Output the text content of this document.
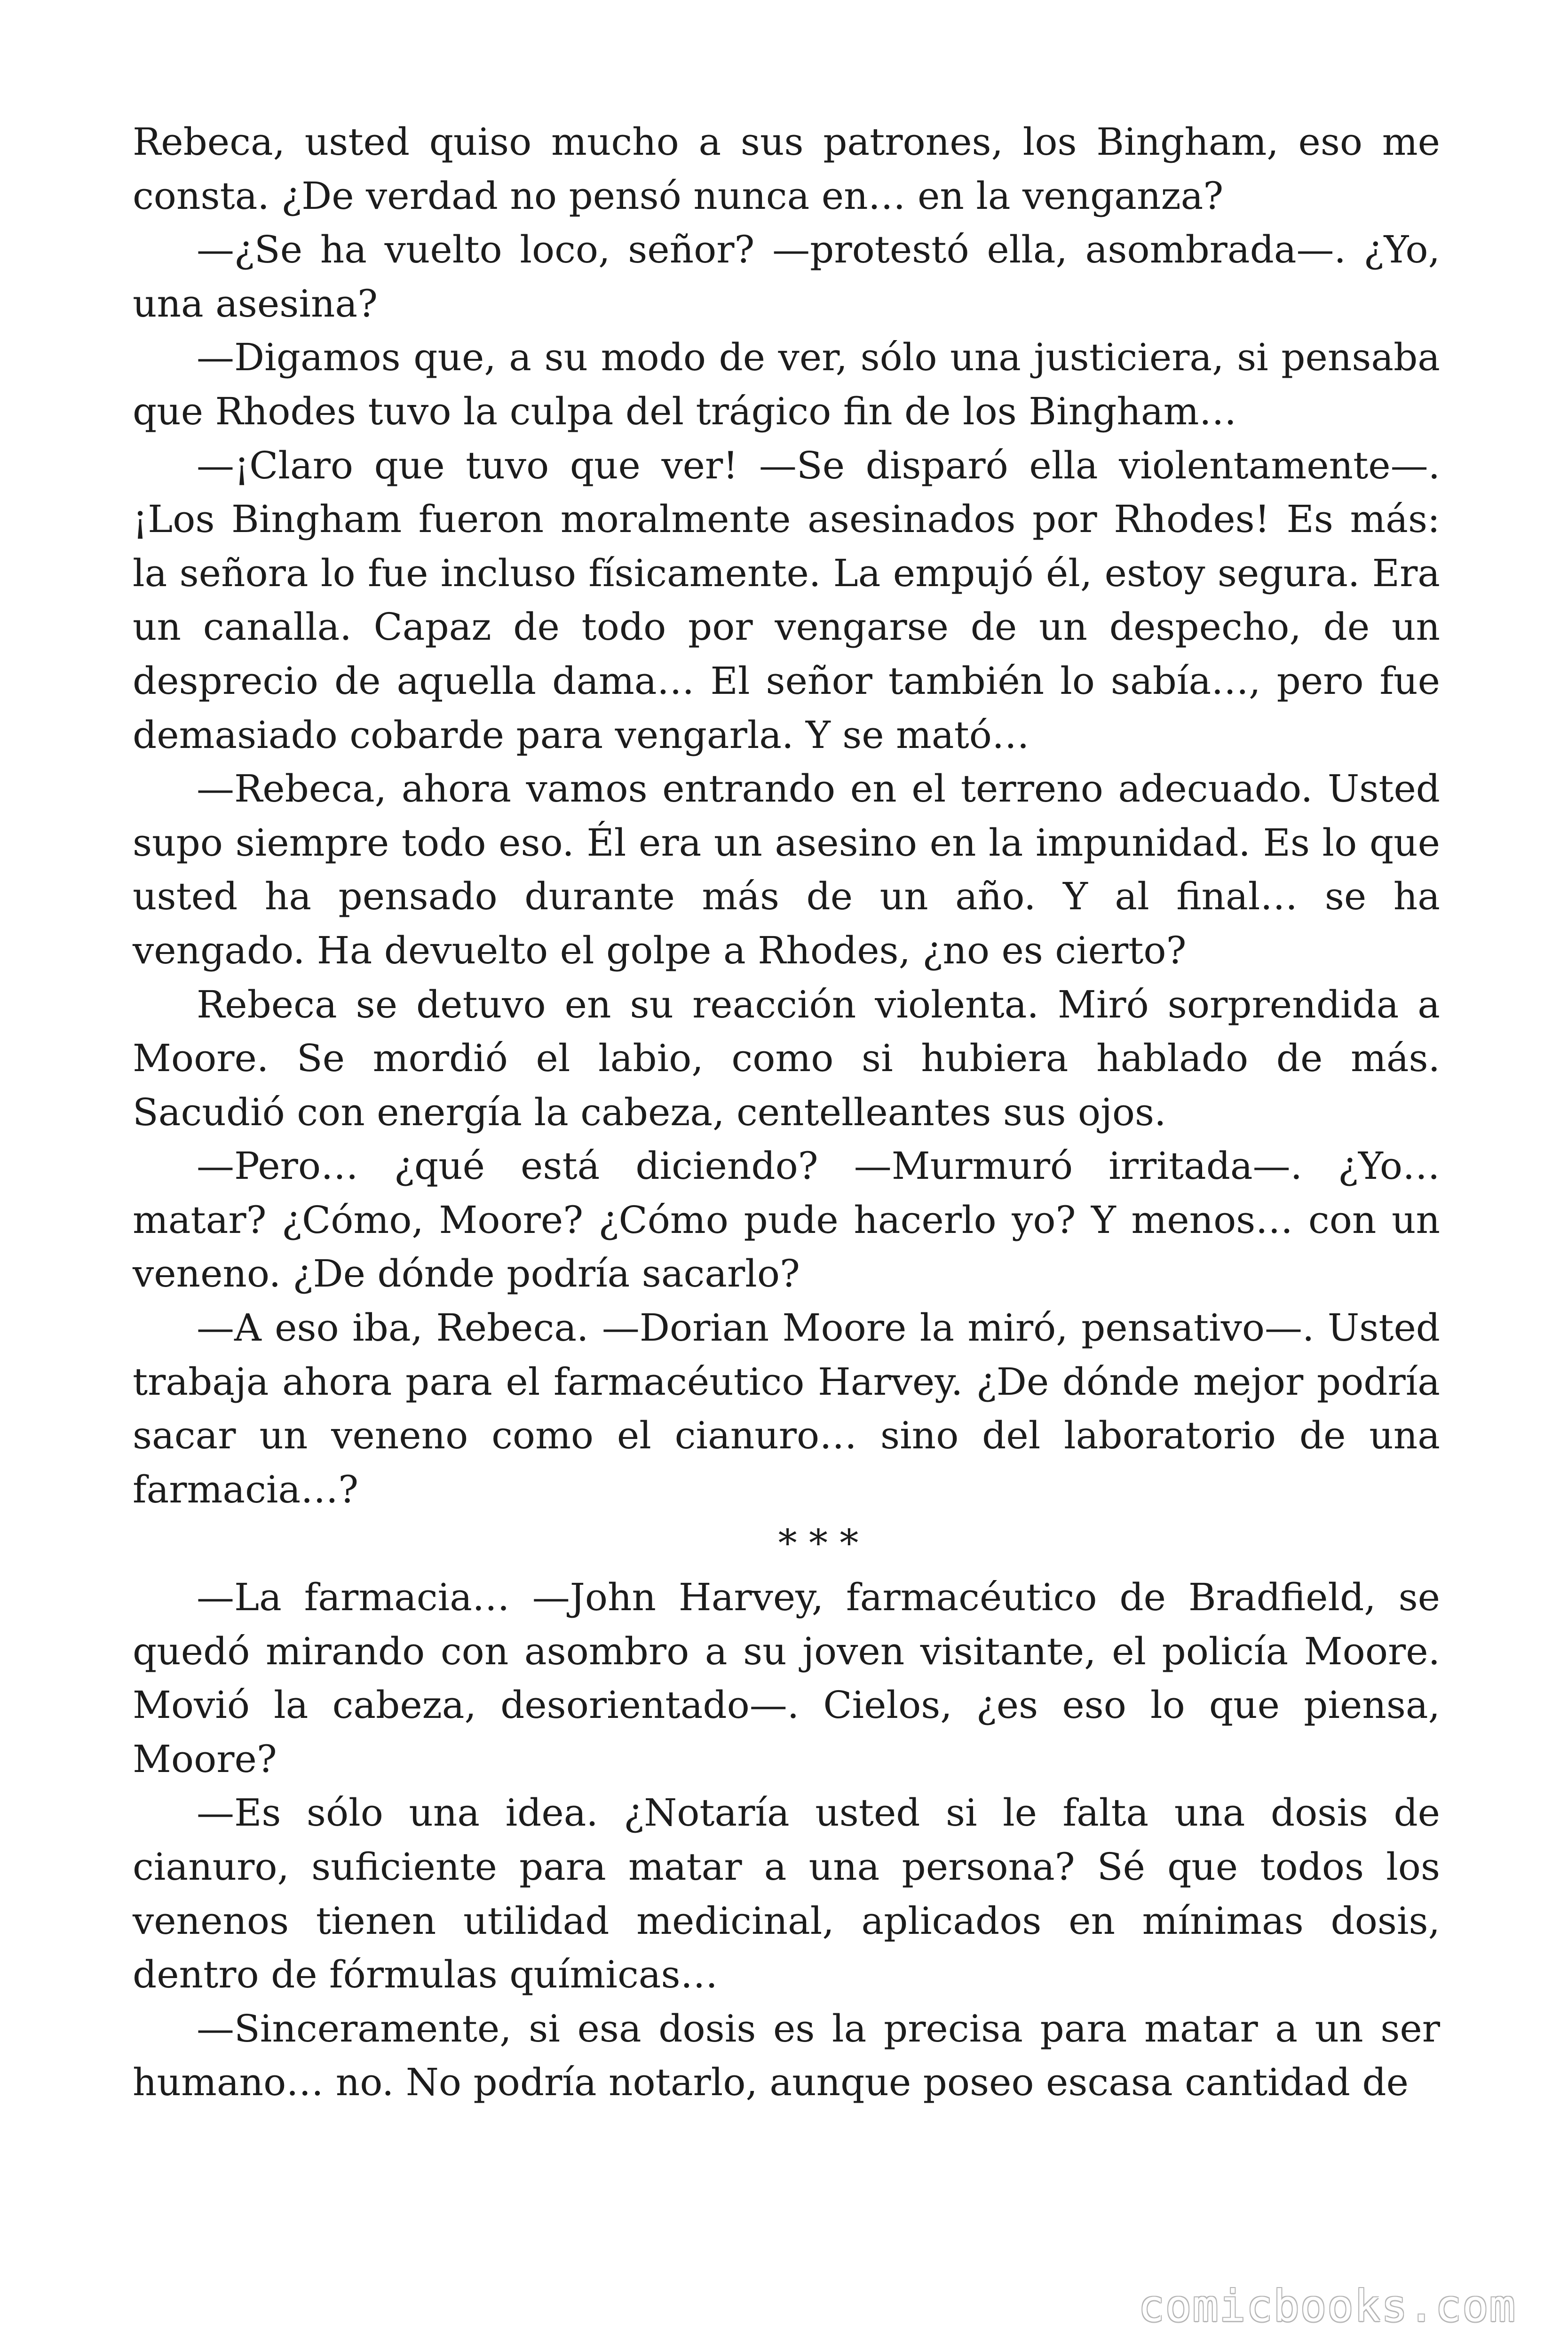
Rebeca, usted quiso mucho a sus patrones, los Bingham, eso me consta. ¿De verdad no pensó nunca en… en la venganza?

—¿Se ha vuelto loco, señor? —protestó ella, asombrada—. ¿Yo, una asesina?

—Digamos que, a su modo de ver, sólo una justiciera, si pensaba que Rhodes tuvo la culpa del trágico fin de los Bingham…

—¡Claro que tuvo que ver! —Se disparó ella violentamente—. ¡Los Bingham fueron moralmente asesinados por Rhodes! Es más: la señora lo fue incluso físicamente. La empujó él, estoy segura. Era un canalla. Capaz de todo por vengarse de un despecho, de un desprecio de aquella dama… El señor también lo sabía…, pero fue demasiado cobarde para vengarla. Y se mató…

—Rebeca, ahora vamos entrando en el terreno adecuado. Usted supo siempre todo eso. Él era un asesino en la impunidad. Es lo que usted ha pensado durante más de un año. Y al final… se ha vengado. Ha devuelto el golpe a Rhodes, ¿no es cierto?

Rebeca se detuvo en su reacción violenta. Miró sorprendida a Moore. Se mordió el labio, como si hubiera hablado de más. Sacudió con energía la cabeza, centelleantes sus ojos.

—Pero… ¿qué está diciendo? —Murmuró irritada—. ¿Yo… matar? ¿Cómo, Moore? ¿Cómo pude hacerlo yo? Y menos… con un veneno. ¿De dónde podría sacarlo?

—A eso iba, Rebeca. —Dorian Moore la miró, pensativo—. Usted trabaja ahora para el farmacéutico Harvey. ¿De dónde mejor podría sacar un veneno como el cianuro… sino del laboratorio de una farmacia…?

* * *

—La farmacia… —John Harvey, farmacéutico de Bradfield, se quedó mirando con asombro a su joven visitante, el policía Moore. Movió la cabeza, desorientado—. Cielos, ¿es eso lo que piensa, Moore?

—Es sólo una idea. ¿Notaría usted si le falta una dosis de cianuro, suficiente para matar a una persona? Sé que todos los venenos tienen utilidad medicinal, aplicados en mínimas dosis, dentro de fórmulas químicas…

—Sinceramente, si esa dosis es la precisa para matar a un ser humano… no. No podría notarlo, aunque poseo escasa cantidad de

comicbooks.com
